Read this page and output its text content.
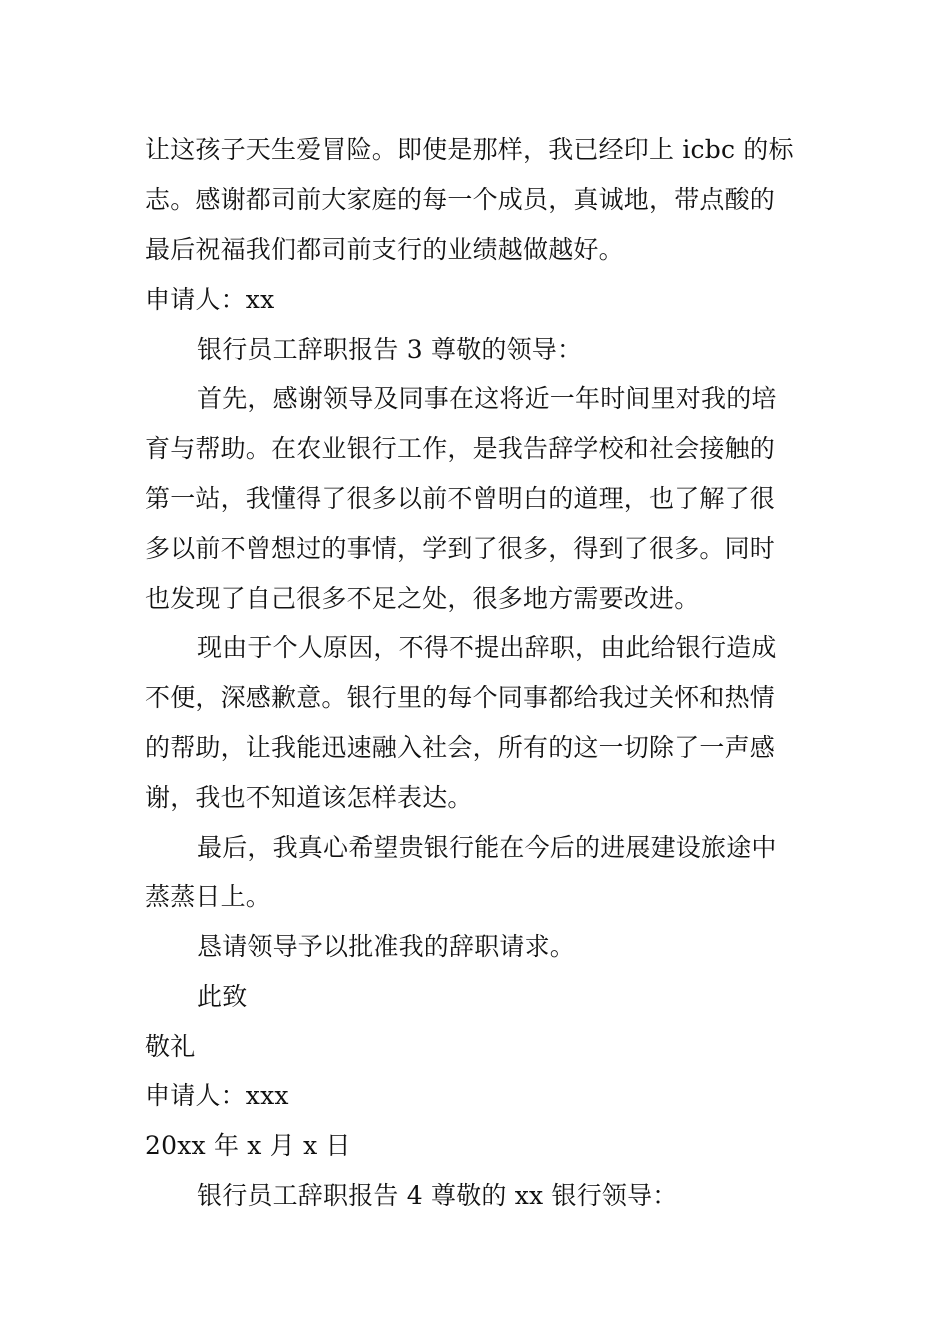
让这孩子天生爱冒险。即使是那样，我已经印上 icbc 的标
志。感谢都司前大家庭的每一个成员，真诚地，带点酸的
最后祝福我们都司前支行的业绩越做越好。
申请人：xx
银行员工辞职报告 3 尊敬的领导：
首先，感谢领导及同事在这将近一年时间里对我的培
育与帮助。在农业银行工作，是我告辞学校和社会接触的
第一站，我懂得了很多以前不曾明白的道理，也了解了很
多以前不曾想过的事情，学到了很多，得到了很多。同时
也发现了自己很多不足之处，很多地方需要改进。
现由于个人原因，不得不提出辞职，由此给银行造成
不便，深感歉意。银行里的每个同事都给我过关怀和热情
的帮助，让我能迅速融入社会，所有的这一切除了一声感
谢，我也不知道该怎样表达。
最后，我真心希望贵银行能在今后的进展建设旅途中
蒸蒸日上。
恳请领导予以批准我的辞职请求。
此致
敬礼
申请人：xxx
20xx 年 x 月 x 日
银行员工辞职报告 4 尊敬的 xx 银行领导：
